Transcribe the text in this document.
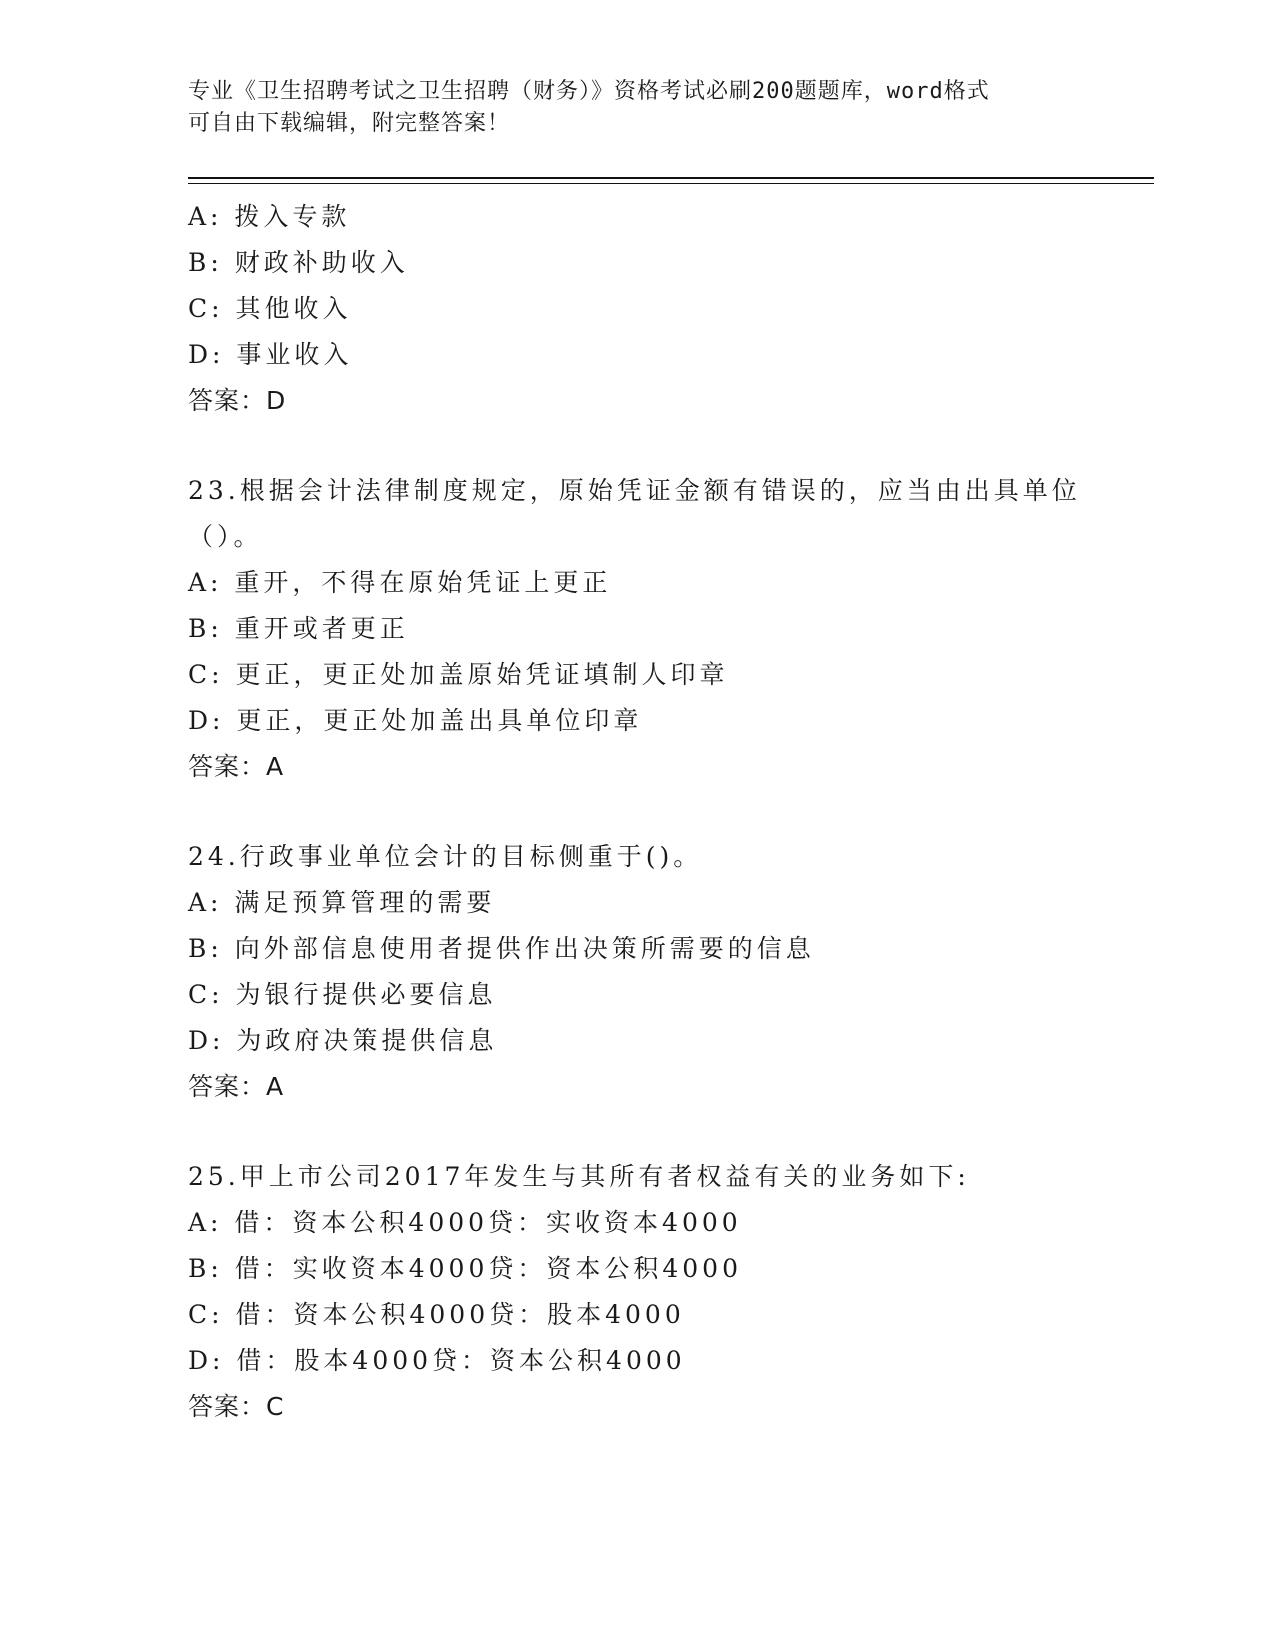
专业《卫生招聘考试之卫生招聘（财务）》资格考试必刷200题题库，word格式
可自由下载编辑，附完整答案！
A: 拨入专款
B: 财政补助收入
C: 其他收入
D: 事业收入
答案：D
23.根据会计法律制度规定，原始凭证金额有错误的，应当由出具单位
（）。
A: 重开，不得在原始凭证上更正
B: 重开或者更正
C: 更正，更正处加盖原始凭证填制人印章
D: 更正，更正处加盖出具单位印章
答案：A
24.行政事业单位会计的目标侧重于()。
A: 满足预算管理的需要
B: 向外部信息使用者提供作出决策所需要的信息
C: 为银行提供必要信息
D: 为政府决策提供信息
答案：A
25.甲上市公司2017年发生与其所有者权益有关的业务如下:
A: 借：资本公积4000贷：实收资本4000
B: 借：实收资本4000贷：资本公积4000
C: 借：资本公积4000贷：股本4000
D: 借：股本4000贷：资本公积4000
答案：C
